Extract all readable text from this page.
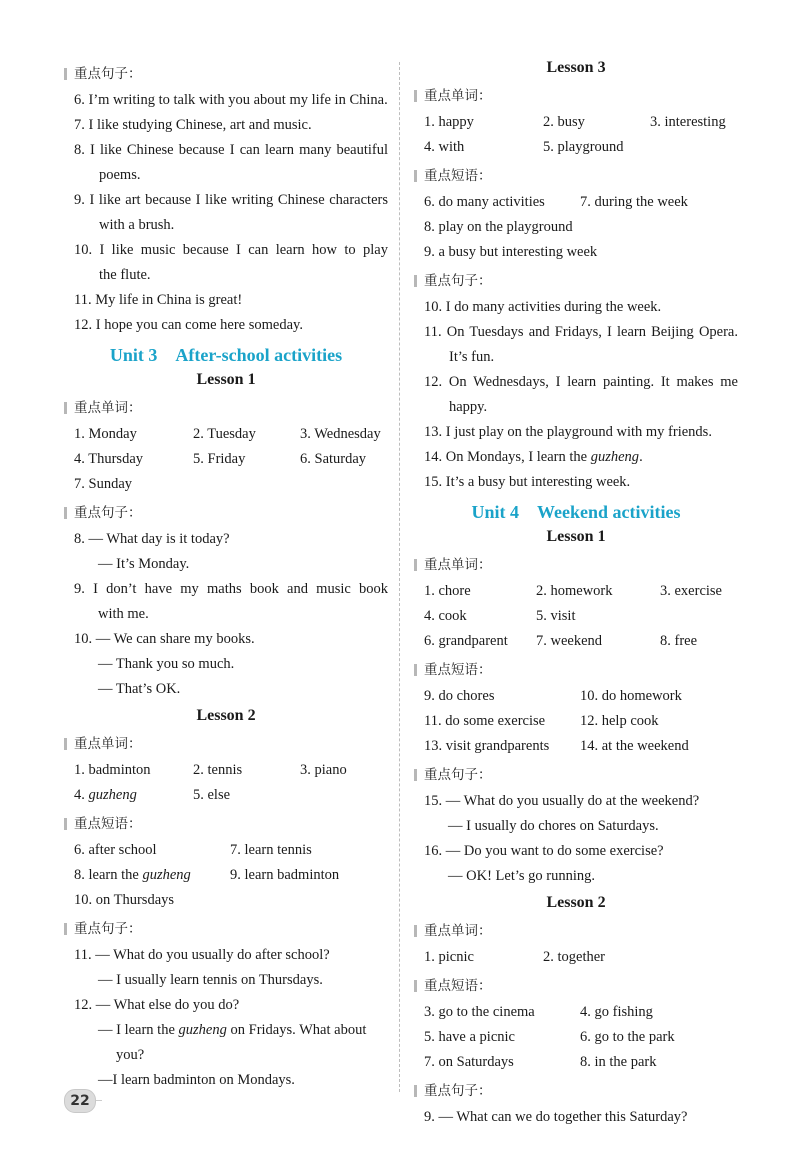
重点句子：
6. I’m writing to talk with you about my life in China.
7. I like studying Chinese, art and music.
8. I like Chinese because I can learn many beautiful
poems.
9. I like art because I like writing Chinese characters
with a brush.
10. I like music because I can learn how to play
the flute.
11. My life in China is great!
12. I hope you can come here someday.
Unit 3 After-school activities
Lesson 1
重点单词：
1. Monday	2. Tuesday	3. Wednesday
4. Thursday	5. Friday	6. Saturday
7. Sunday
重点句子：
8. — What day is it today?
— It’s Monday.
9. I don’t have my maths book and music book
with me.
10. — We can share my books.
— Thank you so much.
— That’s OK.
Lesson 2
重点单词：
1. badminton	2. tennis	3. piano
4. guzheng	5. else
重点短语：
6. after school	7. learn tennis
8. learn the guzheng	9. learn badminton
10. on Thursdays
重点句子：
11. — What do you usually do after school?
— I usually learn tennis on Thursdays.
12. — What else do you do?
— I learn the guzheng on Fridays. What about
you?
—I learn badminton on Mondays.
Lesson 3
重点单词：
1. happy	2. busy	3. interesting
4. with	5. playground
重点短语：
6. do many activities	7. during the week
8. play on the playground
9. a busy but interesting week
重点句子：
10. I do many activities during the week.
11. On Tuesdays and Fridays, I learn Beijing Opera.
It’s fun.
12. On Wednesdays, I learn painting. It makes me
happy.
13. I just play on the playground with my friends.
14. On Mondays, I learn the guzheng.
15. It’s a busy but interesting week.
Unit 4 Weekend activities
Lesson 1
重点单词：
1. chore	2. homework	3. exercise
4. cook	5. visit
6. grandparent	7. weekend	8. free
重点短语：
9. do chores	10. do homework
11. do some exercise	12. help cook
13. visit grandparents	14. at the weekend
重点句子：
15. — What do you usually do at the weekend?
— I usually do chores on Saturdays.
16. — Do you want to do some exercise?
— OK! Let’s go running.
Lesson 2
重点单词：
1. picnic	2. together
重点短语：
3. go to the cinema	4. go fishing
5. have a picnic	6. go to the park
7. on Saturdays	8. in the park
重点句子：
9. — What can we do together this Saturday?
22
